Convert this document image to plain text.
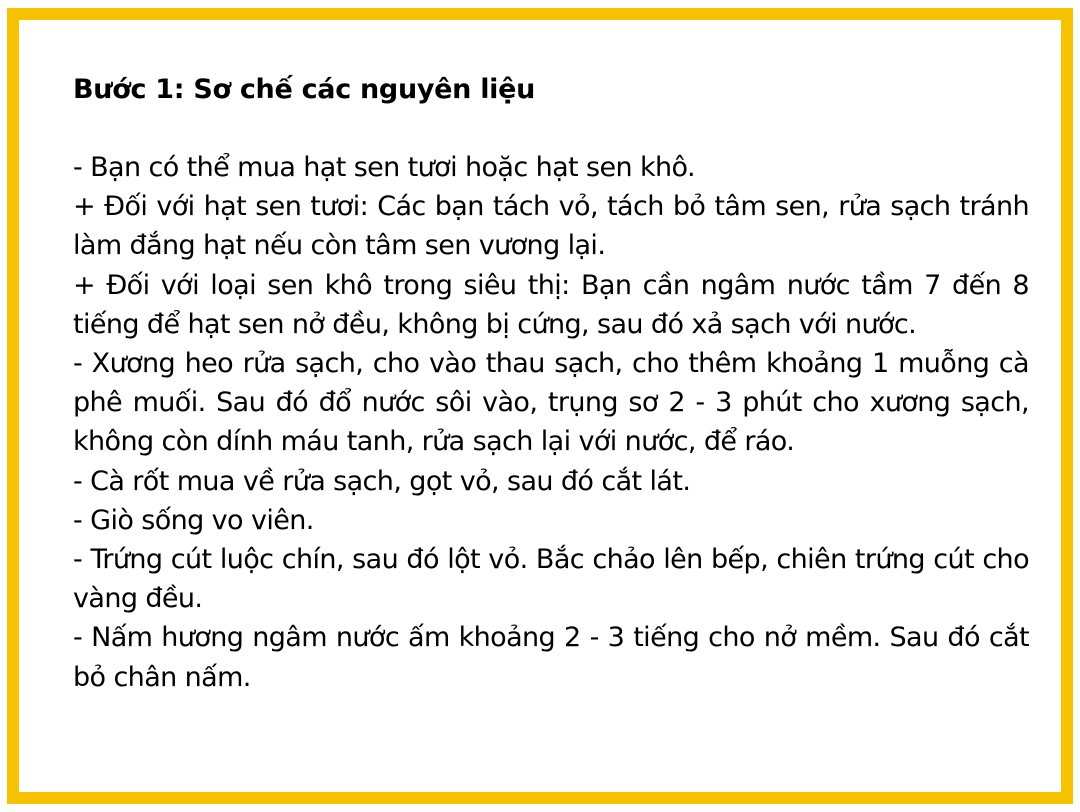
Bước 1: Sơ chế các nguyên liệu

- Bạn có thể mua hạt sen tươi hoặc hạt sen khô.

+ Đối với hạt sen tươi: Các bạn tách vỏ, tách bỏ tâm sen, rửa sạch tránh làm đắng hạt nếu còn tâm sen vương lại.

+ Đối với loại sen khô trong siêu thị: Bạn cần ngâm nước tầm 7 đến 8 tiếng để hạt sen nở đều, không bị cứng, sau đó xả sạch với nước.

- Xương heo rửa sạch, cho vào thau sạch, cho thêm khoảng 1 muỗng cà phê muối. Sau đó đổ nước sôi vào, trụng sơ 2 - 3 phút cho xương sạch, không còn dính máu tanh, rửa sạch lại với nước, để ráo.

- Cà rốt mua về rửa sạch, gọt vỏ, sau đó cắt lát.

- Giò sống vo viên.

- Trứng cút luộc chín, sau đó lột vỏ. Bắc chảo lên bếp, chiên trứng cút cho vàng đều.

- Nấm hương ngâm nước ấm khoảng 2 - 3 tiếng cho nở mềm. Sau đó cắt bỏ chân nấm.
